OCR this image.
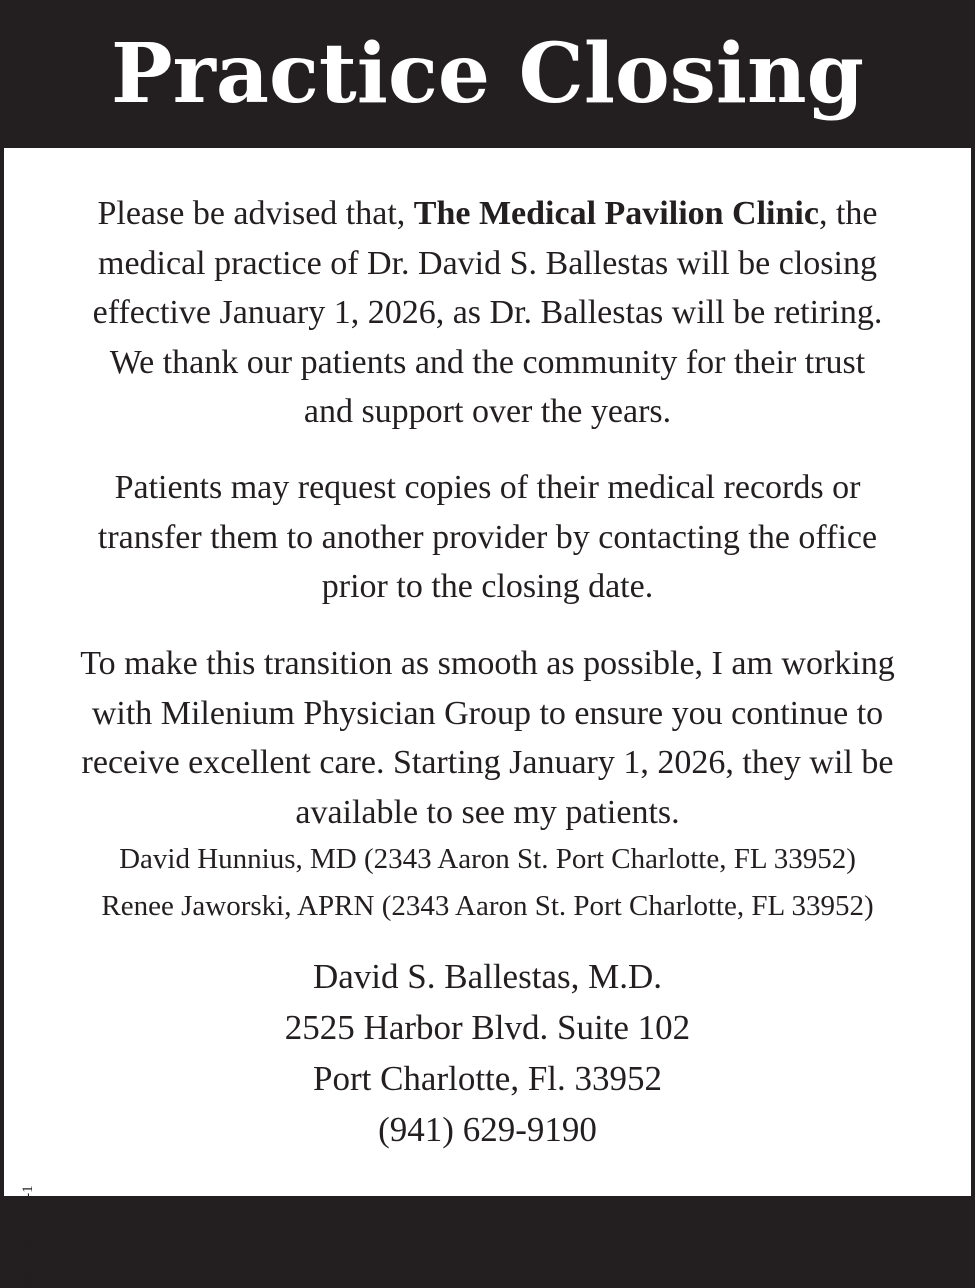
Practice Closing

Please be advised that, The Medical Pavilion Clinic, the
medical practice of Dr. David S. Ballestas will be closing
effective January 1, 2026, as Dr. Ballestas will be retiring.
We thank our patients and the community for their trust
and support over the years.

Patients may request copies of their medical records or
transfer them to another provider by contacting the office
prior to the closing date.

To make this transition as smooth as possible, I am working
with Milenium Physician Group to ensure you continue to
receive excellent care. Starting January 1, 2026, they wil be
available to see my patients.

David Hunnius, MD (2343 Aaron St. Port Charlotte, FL 33952)
Renee Jaworski, APRN (2343 Aaron St. Port Charlotte, FL 33952)
David S. Ballestas, M.D.
2525 Harbor Blvd. Suite 102
Port Charlotte, Fl. 33952
(941) 629-9190
adno=3977217-1
